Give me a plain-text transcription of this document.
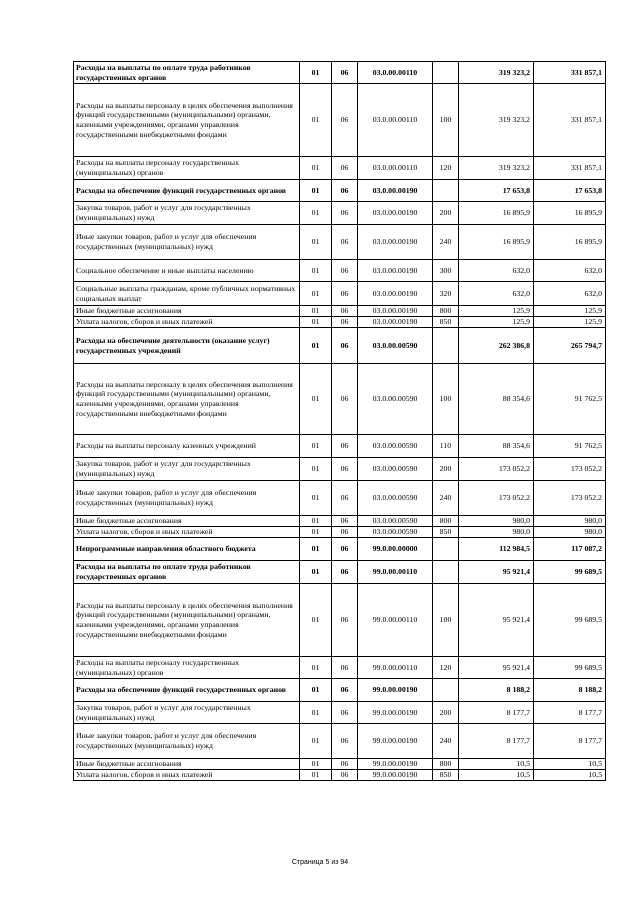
Расходы на выплаты по оплате труда работников государственных органов	01	06	03.0.00.00110		319 323,2	331 857,1
Расходы на выплаты персоналу в целях обеспечения выполнения функций государственными (муниципальными) органами, казенными учреждениями, органами управления государственными внебюджетными фондами	01	06	03.0.00.00110	100	319 323,2	331 857,1
Расходы на выплаты персоналу государственных (муниципальных) органов	01	06	03.0.00.00110	120	319 323,2	331 857,1
Расходы на обеспечение функций государственных органов	01	06	03.0.00.00190		17 653,8	17 653,8
Закупка товаров, работ и услуг для государственных (муниципальных) нужд	01	06	03.0.00.00190	200	16 895,9	16 895,9
Иные закупки товаров, работ и услуг для обеспечения государственных (муниципальных) нужд	01	06	03.0.00.00190	240	16 895,9	16 895,9
Социальное обеспечение и иные выплаты населению	01	06	03.0.00.00190	300	632,0	632,0
Социальные выплаты гражданам, кроме публичных нормативных социальных выплат	01	06	03.0.00.00190	320	632,0	632,0
Иные бюджетные ассигнования	01	06	03.0.00.00190	800	125,9	125,9
Уплата налогов, сборов и иных платежей	01	06	03.0.00.00190	850	125,9	125,9
Расходы на обеспечение деятельности (оказание услуг) государственных учреждений	01	06	03.0.00.00590		262 386,8	265 794,7
Расходы на выплаты персоналу в целях обеспечения выполнения функций государственными (муниципальными) органами, казенными учреждениями, органами управления государственными внебюджетными фондами	01	06	03.0.00.00590	100	88 354,6	91 762,5
Расходы на выплаты персоналу казенных учреждений	01	06	03.0.00.00590	110	88 354,6	91 762,5
Закупка товаров, работ и услуг для государственных (муниципальных) нужд	01	06	03.0.00.00590	200	173 052,2	173 052,2
Иные закупки товаров, работ и услуг для обеспечения государственных (муниципальных) нужд	01	06	03.0.00.00590	240	173 052,2	173 052,2
Иные бюджетные ассигнования	01	06	03.0.00.00590	800	980,0	980,0
Уплата налогов, сборов и иных платежей	01	06	03.0.00.00590	850	980,0	980,0
Непрограммные направления областного бюджета	01	06	99.0.00.00000		112 984,5	117 087,2
Расходы на выплаты по оплате труда работников государственных органов	01	06	99.0.00.00110		95 921,4	99 689,5
Расходы на выплаты персоналу в целях обеспечения выполнения функций государственными (муниципальными) органами, казенными учреждениями, органами управления государственными внебюджетными фондами	01	06	99.0.00.00110	100	95 921,4	99 689,5
Расходы на выплаты персоналу государственных (муниципальных) органов	01	06	99.0.00.00110	120	95 921,4	99 689,5
Расходы на обеспечение функций государственных органов	01	06	99.0.00.00190		8 188,2	8 188,2
Закупка товаров, работ и услуг для государственных (муниципальных) нужд	01	06	99.0.00.00190	200	8 177,7	8 177,7
Иные закупки товаров, работ и услуг для обеспечения государственных (муниципальных) нужд	01	06	99.0.00.00190	240	8 177,7	8 177,7
Иные бюджетные ассигнования	01	06	99.0.00.00190	800	10,5	10,5
Уплата налогов, сборов и иных платежей	01	06	99.0.00.00190	850	10,5	10,5
Страница 5 из 94
